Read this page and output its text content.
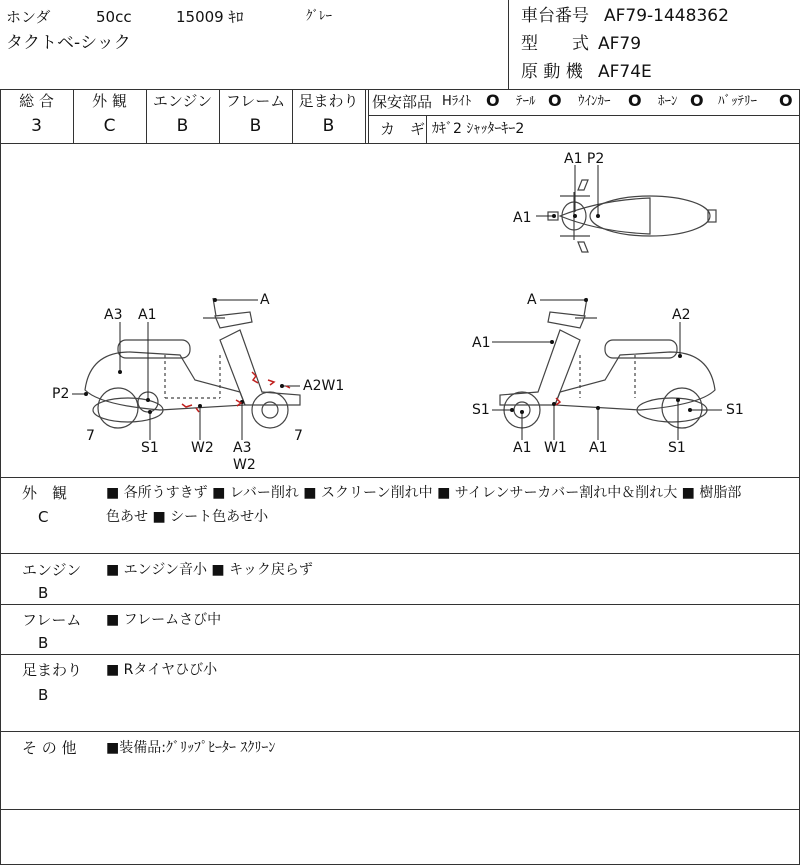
ホンダ	50cc	15009 ｷﾛ	ｸﾞﾚｰ
タクトベ-シック
車台番号 AF79-1448362
型　　式 AF79
原 動 機 AF74E
総 合	外 観	エンジン フレーム 足まわり
3	C	B	B	B
保安部品 Hﾗｲﾄ O ﾃｰﾙ O ｳｲﾝｶｰ O ﾎｰﾝ O ﾊﾞｯﾃﾘｰ O
カ　ギ ｶｷﾞ2 ｼｬｯﾀｰｷｰ2
A1 P2
A1
A3 A1
A
P2	A2W1
7
S1 W2 A3
W2
7
A
A2
A1
S1	S1
A1 W1 A1	S1
外　観
C
■ 各所うすきず ■ レバー削れ ■ スクリーン削れ中 ■ サイレンサーカバー割れ中＆削れ大 ■ 樹脂部
色あせ ■ シート色あせ小
エンジン
B
■ エンジン音小 ■ キック戻らず
フレーム
B
■ フレームさび中
足まわり
B
■ Rタイヤひび小
そ の 他 ■装備品:ｸﾞﾘｯﾌﾟﾋｰﾀｰ ｽｸﾘｰﾝ
